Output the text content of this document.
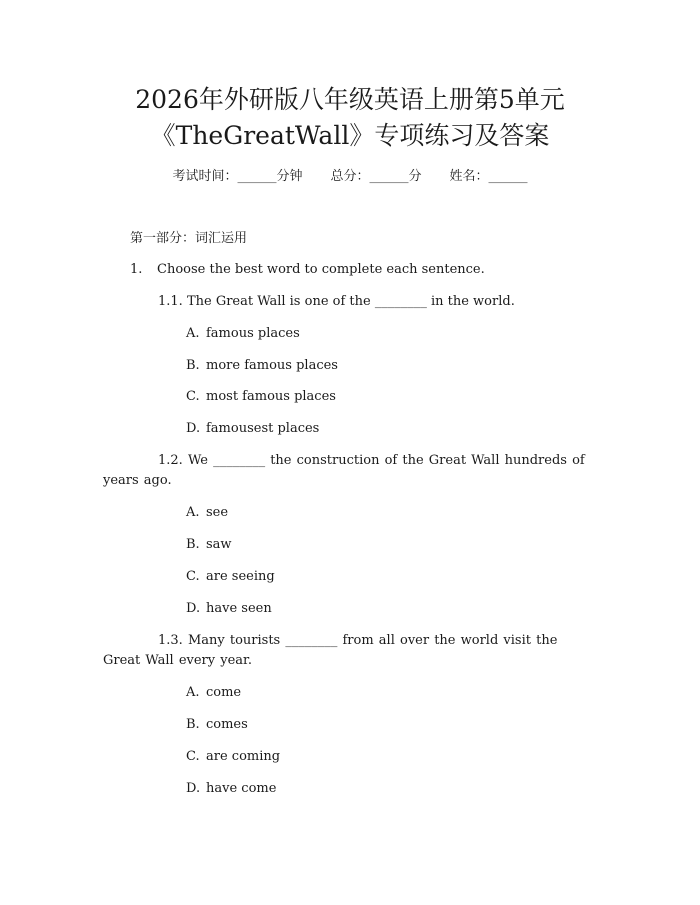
2026年外研版八年级英语上册第5单元
《TheGreatWall》专项练习及答案
考试时间：______分钟 总分：______分 姓名：______
第一部分：词汇运用
1. Choose the best word to complete each sentence.
1.1. The Great Wall is one of the ________ in the world.
A. famous places
B. more famous places
C. most famous places
D. famousest places
1.2. We ________ the construction of the Great Wall hundreds of years ago.
A. see
B. saw
C. are seeing
D. have seen
1.3. Many tourists ________ from all over the world visit the Great Wall every year.
A. come
B. comes
C. are coming
D. have come
